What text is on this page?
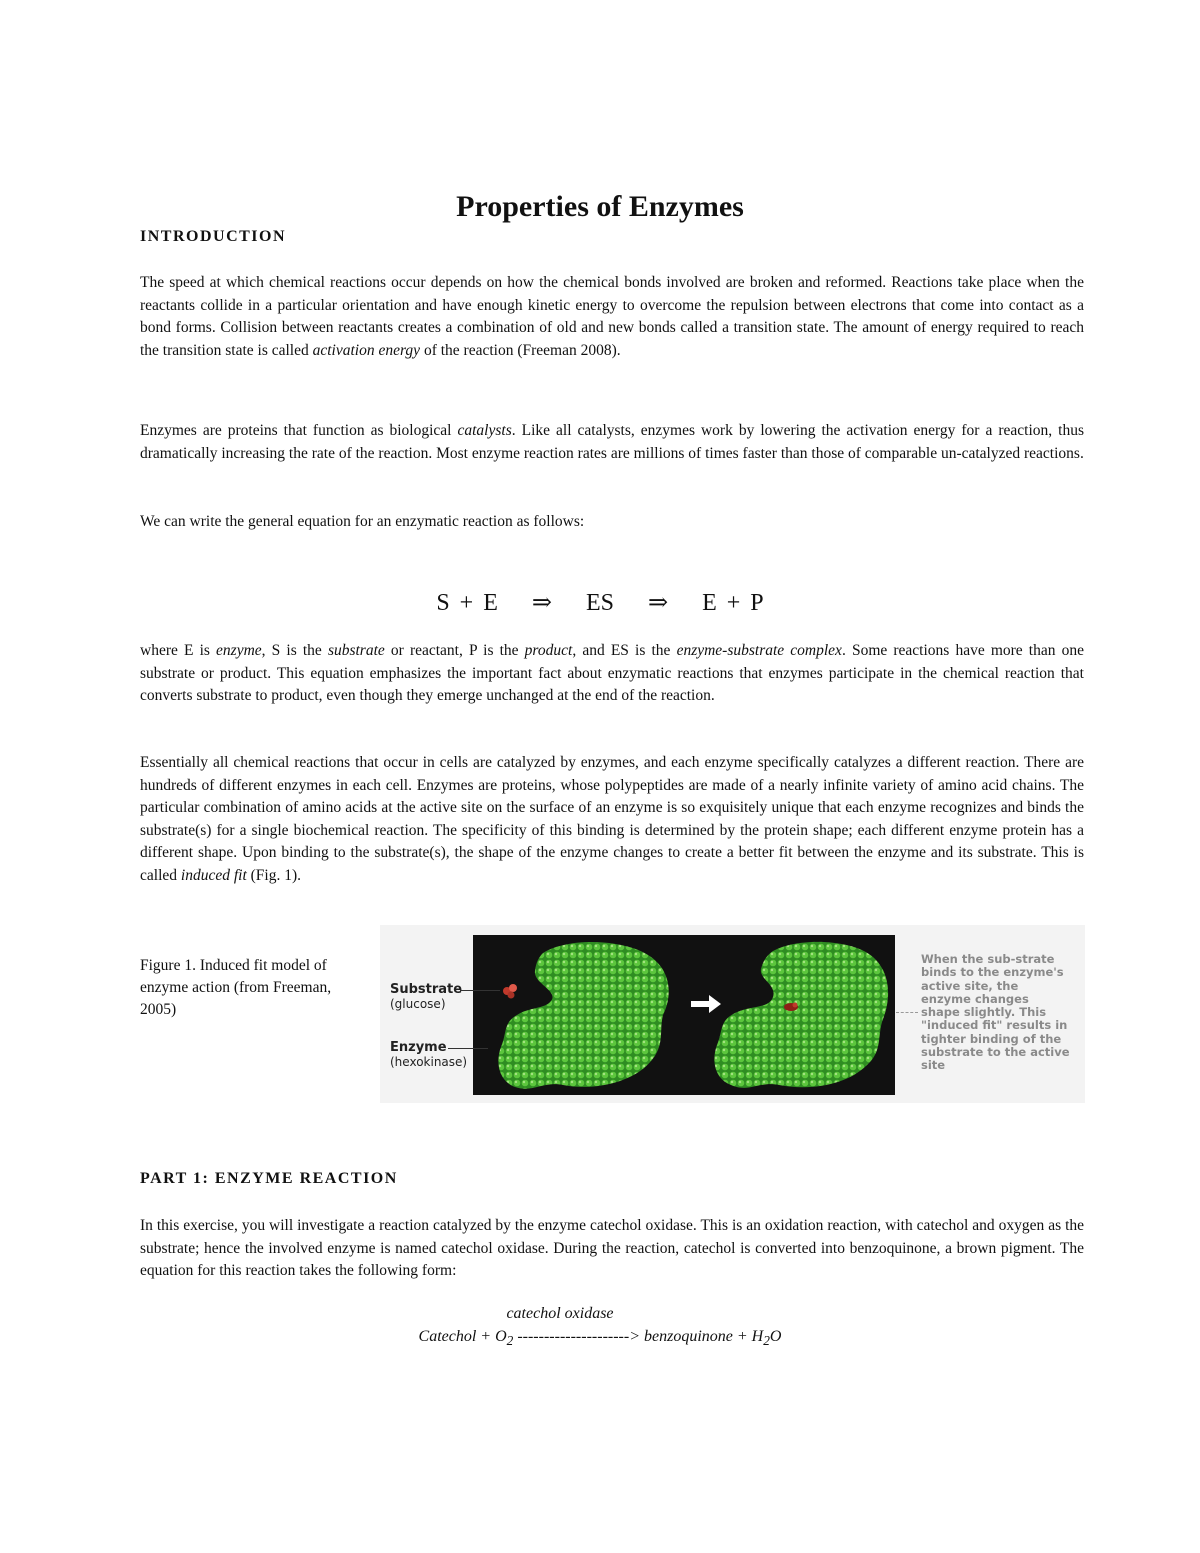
Properties of Enzymes
INTRODUCTION

The speed at which chemical reactions occur depends on how the chemical bonds involved are broken and reformed. Reactions take place when the reactants collide in a particular orientation and have enough kinetic energy to overcome the repulsion between electrons that come into contact as a bond forms. Collision between reactants creates a combination of old and new bonds called a transition state. The amount of energy required to reach the transition state is called activation energy of the reaction (Freeman 2008).

Enzymes are proteins that function as biological catalysts. Like all catalysts, enzymes work by lowering the activation energy for a reaction, thus dramatically increasing the rate of the reaction. Most enzyme reaction rates are millions of times faster than those of comparable un-catalyzed reactions.

We can write the general equation for an enzymatic reaction as follows:

S + E ⇒ ES ⇒ E + P

where E is enzyme, S is the substrate or reactant, P is the product, and ES is the enzyme-substrate complex. Some reactions have more than one substrate or product. This equation emphasizes the important fact about enzymatic reactions that enzymes participate in the chemical reaction that converts substrate to product, even though they emerge unchanged at the end of the reaction.

Essentially all chemical reactions that occur in cells are catalyzed by enzymes, and each enzyme specifically catalyzes a different reaction. There are hundreds of different enzymes in each cell. Enzymes are proteins, whose polypeptides are made of a nearly infinite variety of amino acid chains. The particular combination of amino acids at the active site on the surface of an enzyme is so exquisitely unique that each enzyme recognizes and binds the substrate(s) for a single biochemical reaction. The specificity of this binding is determined by the protein shape; each different enzyme protein has a different shape. Upon binding to the substrate(s), the shape of the enzyme changes to create a better fit between the enzyme and its substrate. This is called induced fit (Fig. 1).

Figure 1. Induced fit model of enzyme action (from Freeman, 2005)

Substrate
(glucose)
Enzyme
(hexokinase)

When the sub-strate binds to the enzyme's active site, the enzyme changes shape slightly. This "induced fit" results in tighter binding of the substrate to the active site

PART 1: ENZYME REACTION

In this exercise, you will investigate a reaction catalyzed by the enzyme catechol oxidase. This is an oxidation reaction, with catechol and oxygen as the substrate; hence the involved enzyme is named catechol oxidase. During the reaction, catechol is converted into benzoquinone, a brown pigment. The equation for this reaction takes the following form:

catechol oxidase
Catechol + $O_2$ ---------------------> benzoquinone + $H_2O$
